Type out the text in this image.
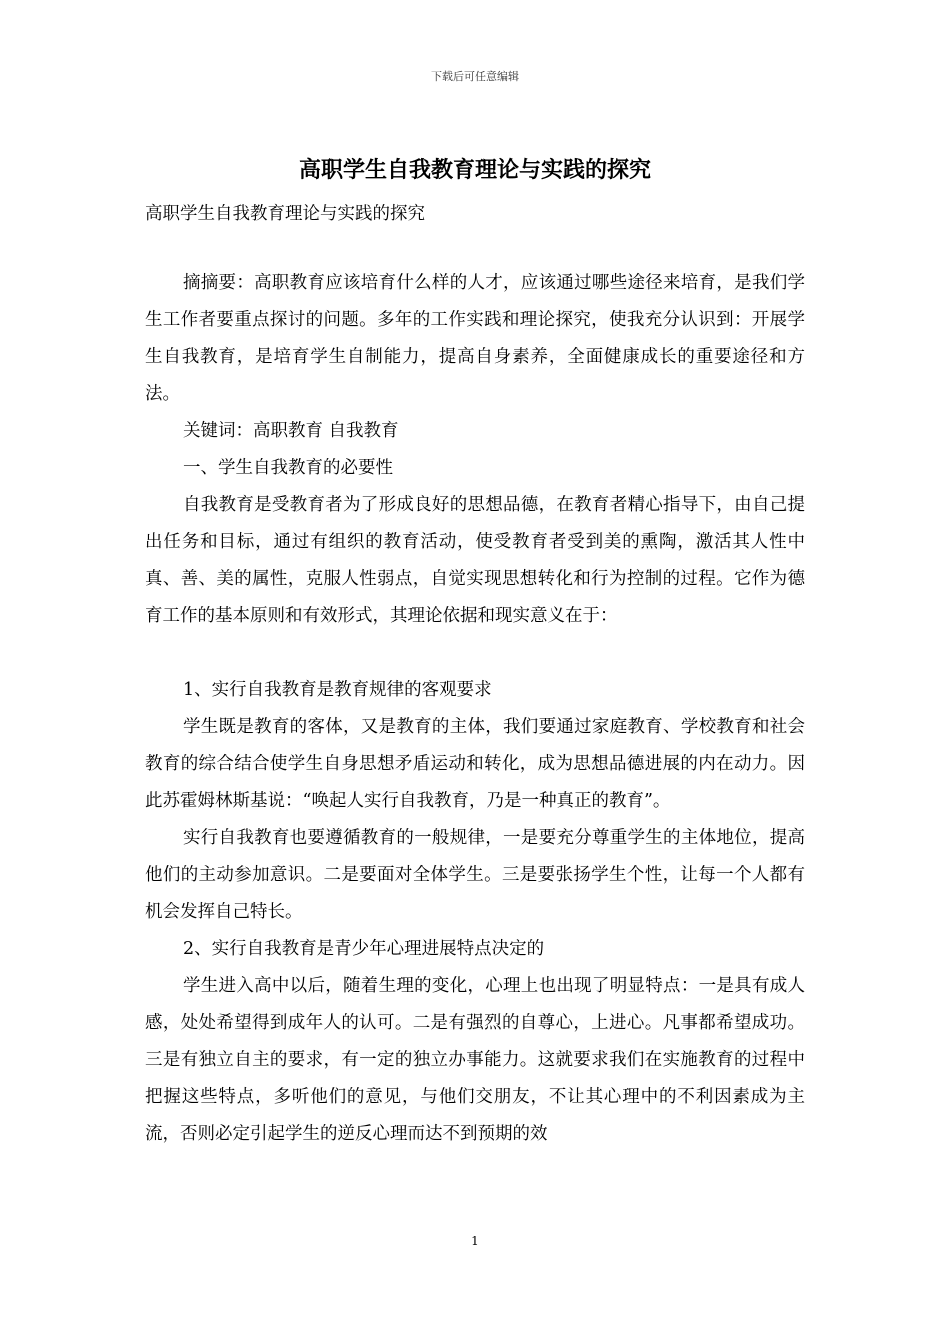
下载后可任意编辑
高职学生自我教育理论与实践的探究

高职学生自我教育理论与实践的探究

摘摘要：高职教育应该培育什么样的人才，应该通过哪些途径来培育，是我们学生工作者要重点探讨的问题。多年的工作实践和理论探究，使我充分认识到：开展学生自我教育，是培育学生自制能力，提高自身素养，全面健康成长的重要途径和方法。

关键词：高职教育 自我教育

一、学生自我教育的必要性

自我教育是受教育者为了形成良好的思想品德，在教育者精心指导下，由自己提出任务和目标，通过有组织的教育活动，使受教育者受到美的熏陶，激活其人性中真、善、美的属性，克服人性弱点，自觉实现思想转化和行为控制的过程。它作为德育工作的基本原则和有效形式，其理论依据和现实意义在于：

1、实行自我教育是教育规律的客观要求

学生既是教育的客体，又是教育的主体，我们要通过家庭教育、学校教育和社会教育的综合结合使学生自身思想矛盾运动和转化，成为思想品德进展的内在动力。因此苏霍姆林斯基说：“唤起人实行自我教育，乃是一种真正的教育”。

实行自我教育也要遵循教育的一般规律，一是要充分尊重学生的主体地位，提高他们的主动参加意识。二是要面对全体学生。三是要张扬学生个性，让每一个人都有机会发挥自己特长。

2、实行自我教育是青少年心理进展特点决定的

学生进入高中以后，随着生理的变化，心理上也出现了明显特点：一是具有成人感，处处希望得到成年人的认可。二是有强烈的自尊心，上进心。凡事都希望成功。三是有独立自主的要求，有一定的独立办事能力。这就要求我们在实施教育的过程中把握这些特点，多听他们的意见，与他们交朋友，不让其心理中的不利因素成为主流，否则必定引起学生的逆反心理而达不到预期的效

1
